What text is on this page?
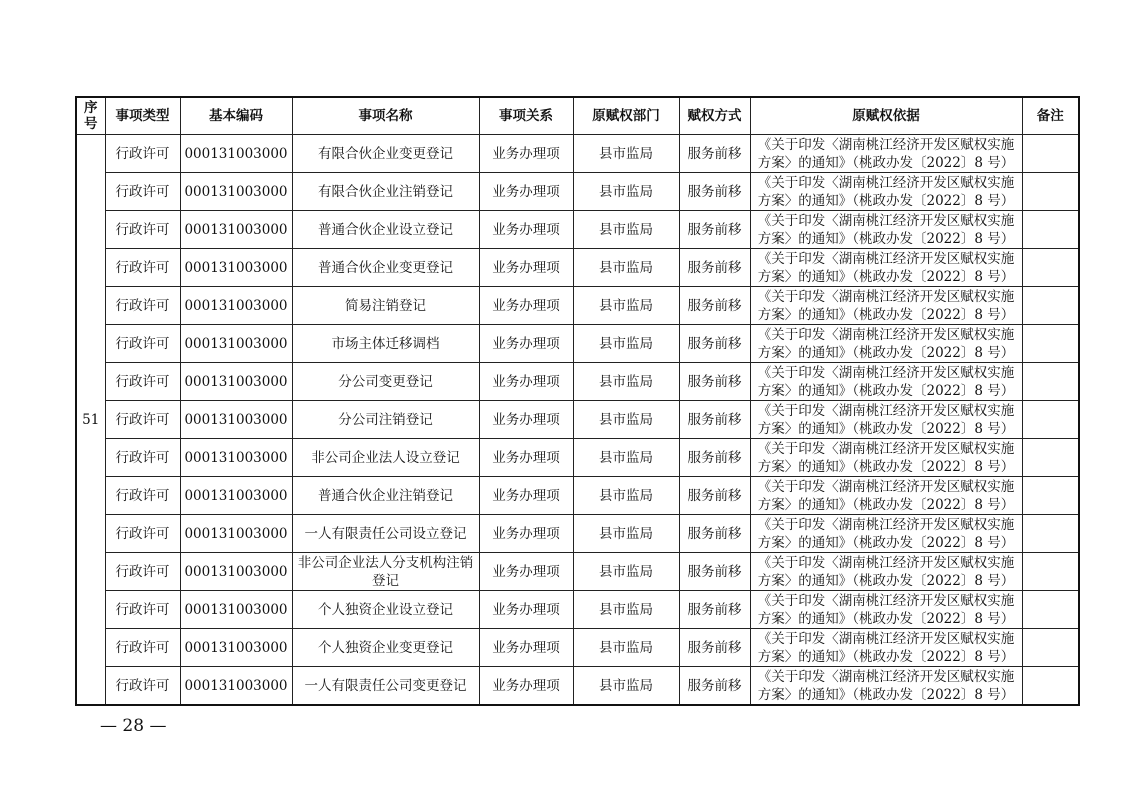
序号	事项类型	基本编码	事项名称	事项关系	原赋权部门	赋权方式	原赋权依据	备注
51	行政许可	000131003000	有限合伙企业变更登记	业务办理项	县市监局	服务前移	《关于印发〈湖南桃江经济开发区赋权实施方案〉的通知》（桃政办发〔2022〕8 号）	
	行政许可	000131003000	有限合伙企业注销登记	业务办理项	县市监局	服务前移	《关于印发〈湖南桃江经济开发区赋权实施方案〉的通知》（桃政办发〔2022〕8 号）	
	行政许可	000131003000	普通合伙企业设立登记	业务办理项	县市监局	服务前移	《关于印发〈湖南桃江经济开发区赋权实施方案〉的通知》（桃政办发〔2022〕8 号）	
	行政许可	000131003000	普通合伙企业变更登记	业务办理项	县市监局	服务前移	《关于印发〈湖南桃江经济开发区赋权实施方案〉的通知》（桃政办发〔2022〕8 号）	
	行政许可	000131003000	简易注销登记	业务办理项	县市监局	服务前移	《关于印发〈湖南桃江经济开发区赋权实施方案〉的通知》（桃政办发〔2022〕8 号）	
	行政许可	000131003000	市场主体迁移调档	业务办理项	县市监局	服务前移	《关于印发〈湖南桃江经济开发区赋权实施方案〉的通知》（桃政办发〔2022〕8 号）	
	行政许可	000131003000	分公司变更登记	业务办理项	县市监局	服务前移	《关于印发〈湖南桃江经济开发区赋权实施方案〉的通知》（桃政办发〔2022〕8 号）	
	行政许可	000131003000	分公司注销登记	业务办理项	县市监局	服务前移	《关于印发〈湖南桃江经济开发区赋权实施方案〉的通知》（桃政办发〔2022〕8 号）	
	行政许可	000131003000	非公司企业法人设立登记	业务办理项	县市监局	服务前移	《关于印发〈湖南桃江经济开发区赋权实施方案〉的通知》（桃政办发〔2022〕8 号）	
	行政许可	000131003000	普通合伙企业注销登记	业务办理项	县市监局	服务前移	《关于印发〈湖南桃江经济开发区赋权实施方案〉的通知》（桃政办发〔2022〕8 号）	
	行政许可	000131003000	一人有限责任公司设立登记	业务办理项	县市监局	服务前移	《关于印发〈湖南桃江经济开发区赋权实施方案〉的通知》（桃政办发〔2022〕8 号）	
	行政许可	000131003000	非公司企业法人分支机构注销登记	业务办理项	县市监局	服务前移	《关于印发〈湖南桃江经济开发区赋权实施方案〉的通知》（桃政办发〔2022〕8 号）	
	行政许可	000131003000	个人独资企业设立登记	业务办理项	县市监局	服务前移	《关于印发〈湖南桃江经济开发区赋权实施方案〉的通知》（桃政办发〔2022〕8 号）	
	行政许可	000131003000	个人独资企业变更登记	业务办理项	县市监局	服务前移	《关于印发〈湖南桃江经济开发区赋权实施方案〉的通知》（桃政办发〔2022〕8 号）	
	行政许可	000131003000	一人有限责任公司变更登记	业务办理项	县市监局	服务前移	《关于印发〈湖南桃江经济开发区赋权实施方案〉的通知》（桃政办发〔2022〕8 号）	
— 28 —
